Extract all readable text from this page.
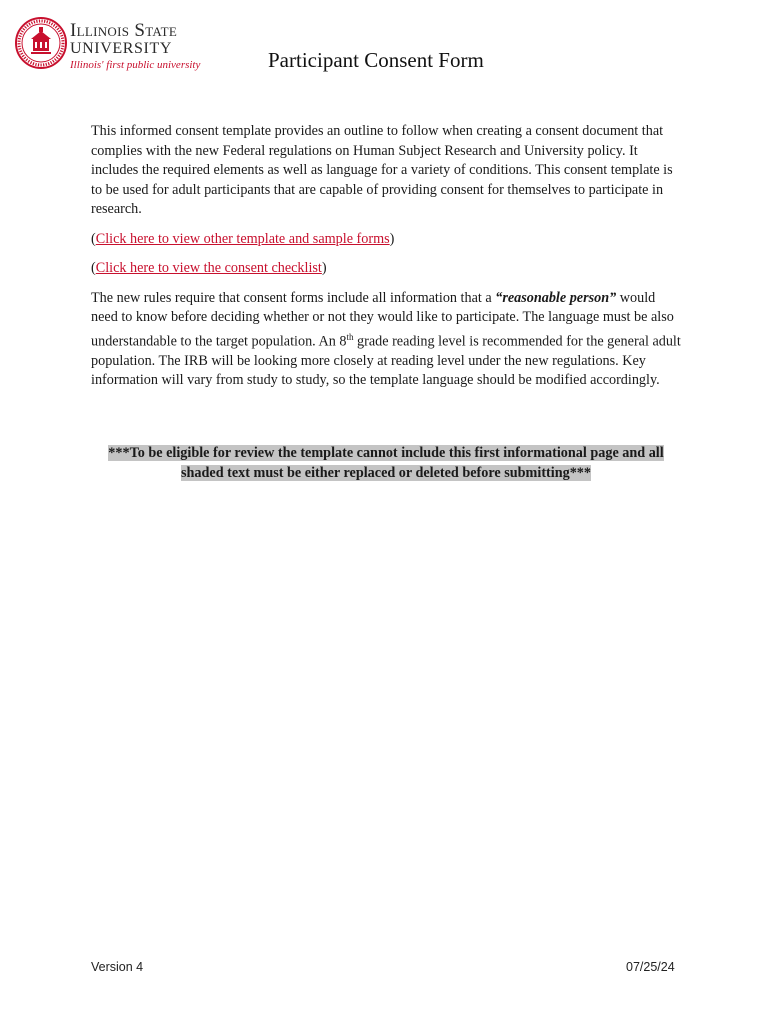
Illinois State
UNIVERSITY
Illinois' first public university	Participant Consent Form

This informed consent template provides an outline to follow when creating a consent document that complies with the new Federal regulations on Human Subject Research and University policy. It includes the required elements as well as language for a variety of conditions. This consent template is to be used for adult participants that are capable of providing consent for themselves to participate in research.

(Click here to view other template and sample forms)

(Click here to view the consent checklist)

The new rules require that consent forms include all information that a “reasonable person” would need to know before deciding whether or not they would like to participate. The language must be also understandable to the target population. An 8th grade reading level is recommended for the general adult population. The IRB will be looking more closely at reading level under the new regulations. Key information will vary from study to study, so the template language should be modified accordingly.

***To be eligible for review the template cannot include this first informational page and all shaded text must be either replaced or deleted before submitting***
Version 4	07/25/24
